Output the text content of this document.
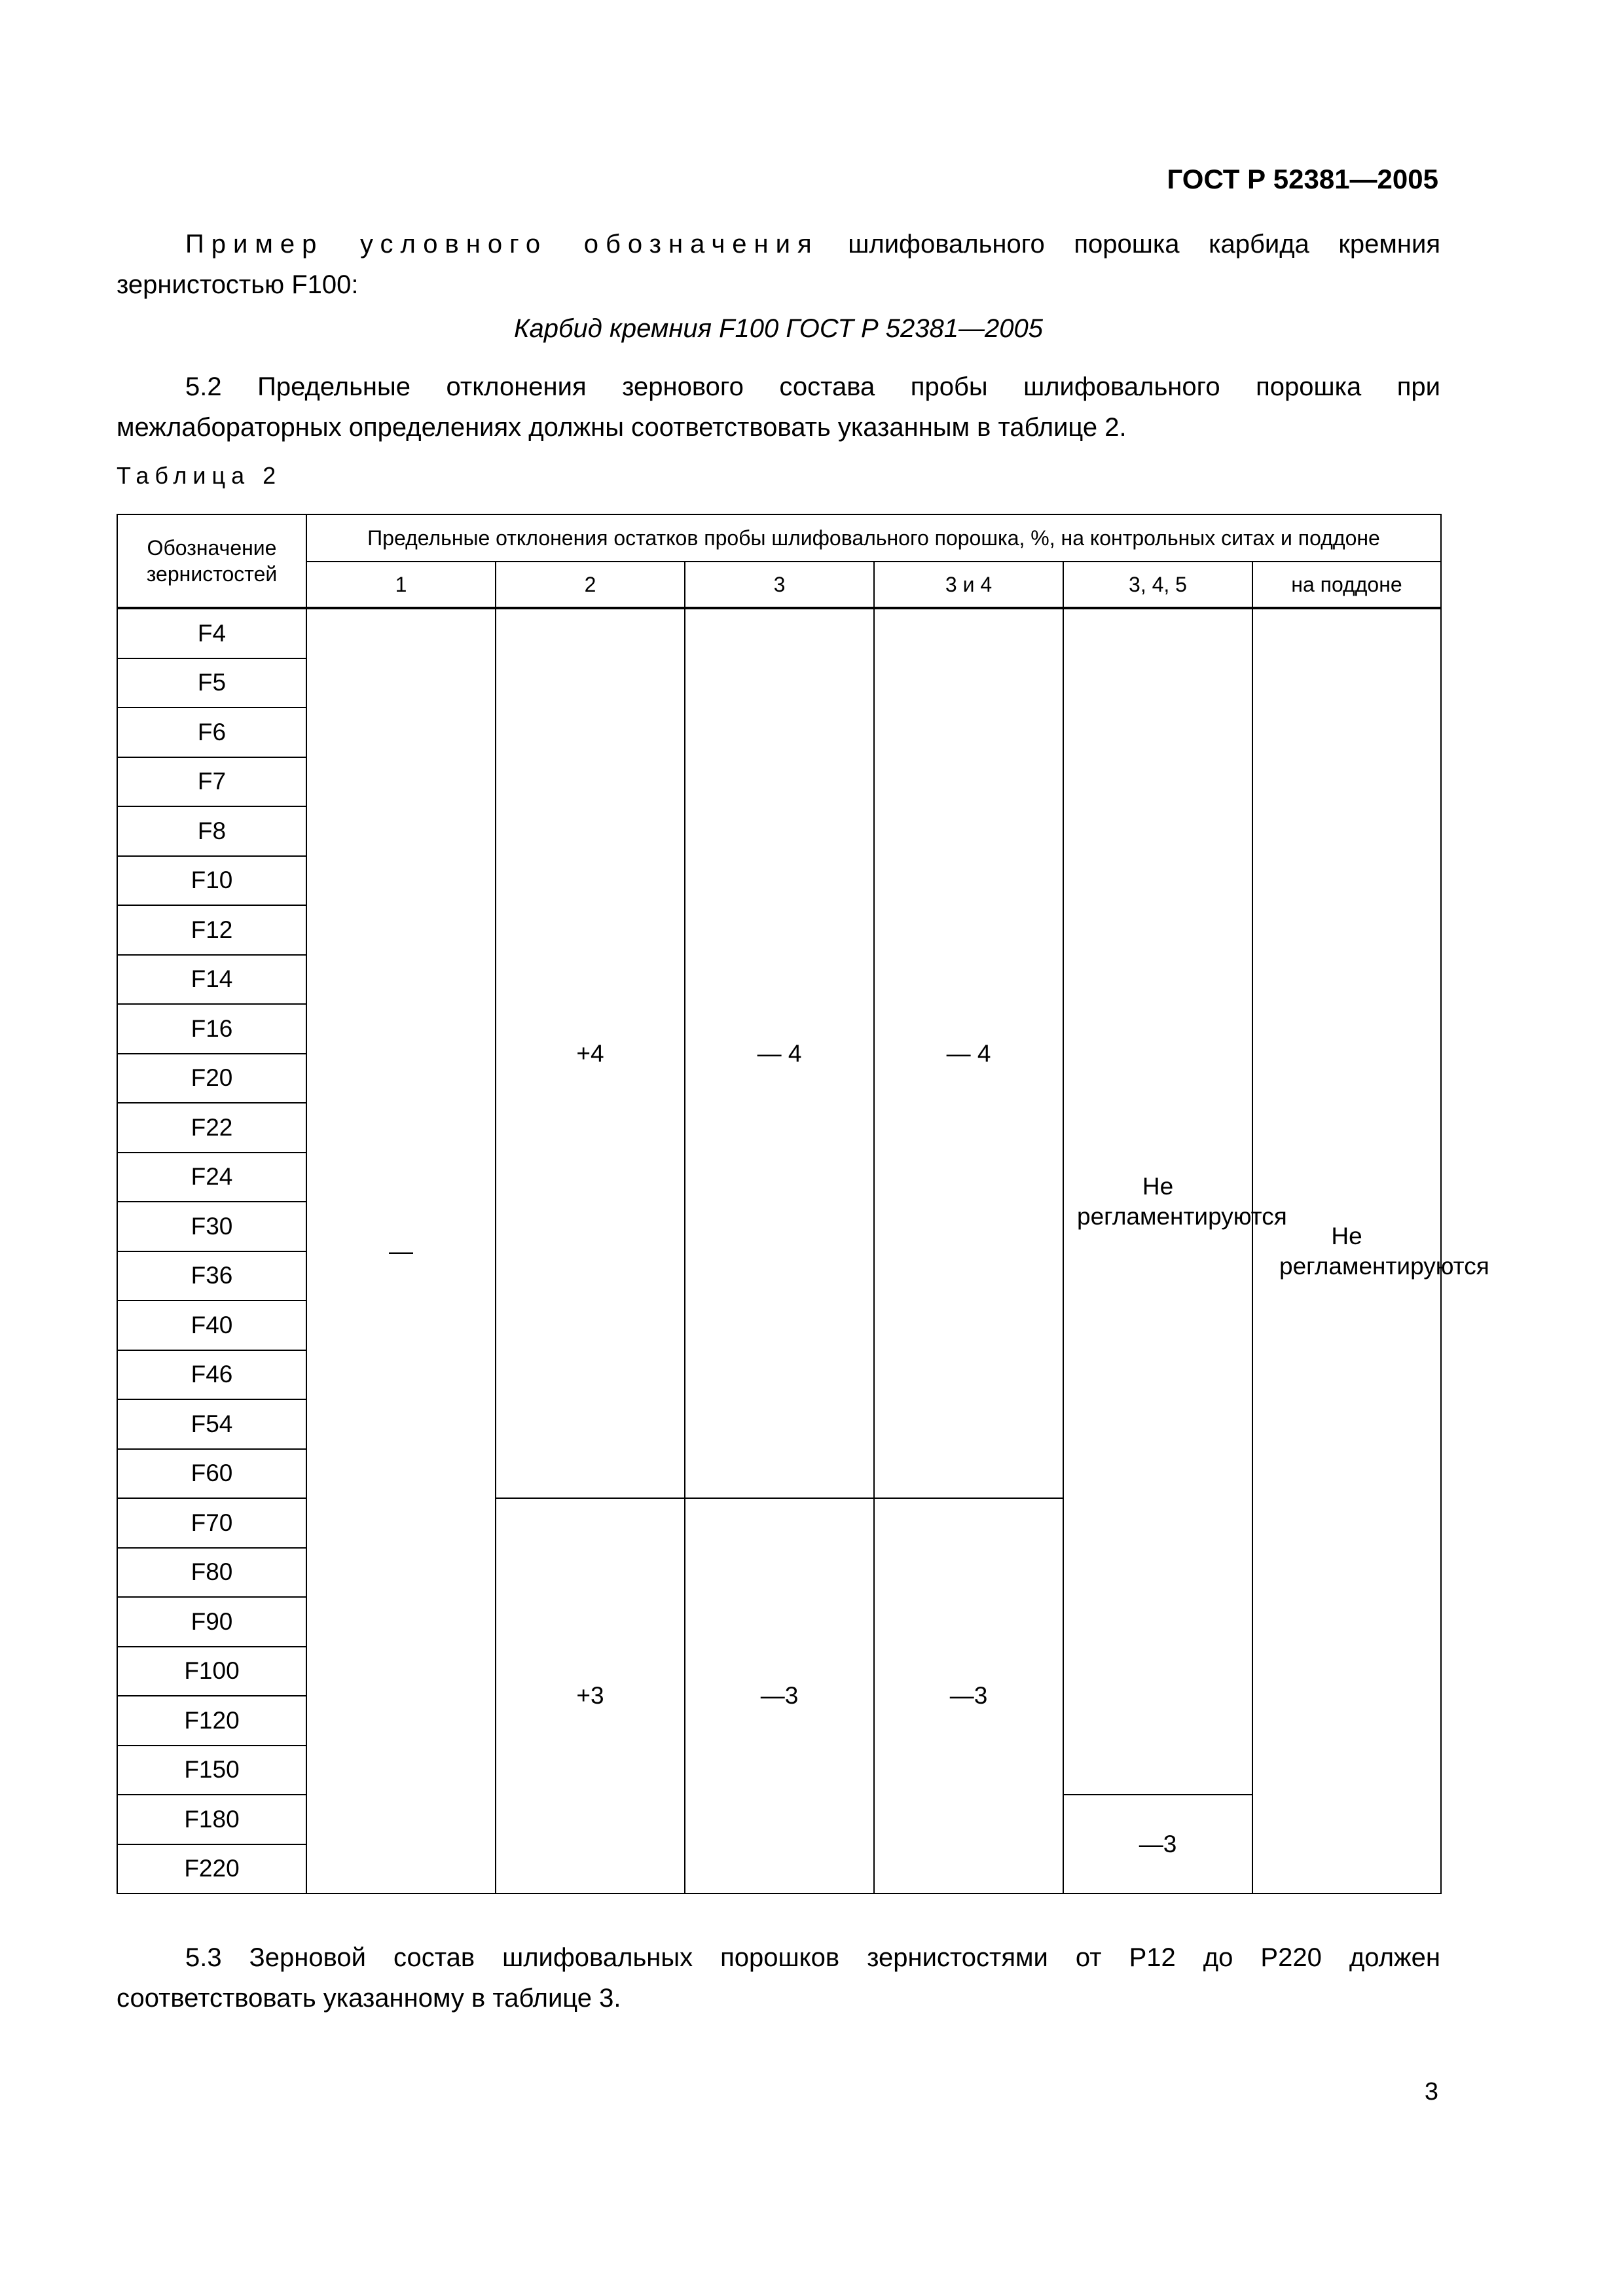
ГОСТ Р 52381—2005

Пример условного обозначения шлифовального порошка карбида кремния зернистостью F100:

Карбид кремния F100 ГОСТ Р 52381—2005

5.2 Предельные отклонения зернового состава пробы шлифовального порошка при межлабораторных определениях должны соответствовать указанным в таблице 2.

Таблица 2
Обозначение зернистостей	Предельные отклонения остатков пробы шлифовального порошка, %, на контрольных ситах и поддоне					
	1	2	3	3 и 4	3, 4, 5	на поддоне
F4	—	+4	— 4	— 4	Не регламентируются	Не регламентируются
F5						
F6						
F7						
F8						
F10						
F12						
F14						
F16						
F20						
F22						
F24						
F30						
F36						
F40						
F46						
F54						
F60						
F70		+3	—3	—3		
F80						
F90						
F100						
F120						
F150						
F180					—3	
F220						

5.3 Зерновой состав шлифовальных порошков зернистостями от Р12 до Р220 должен соответствовать указанному в таблице 3.

3
